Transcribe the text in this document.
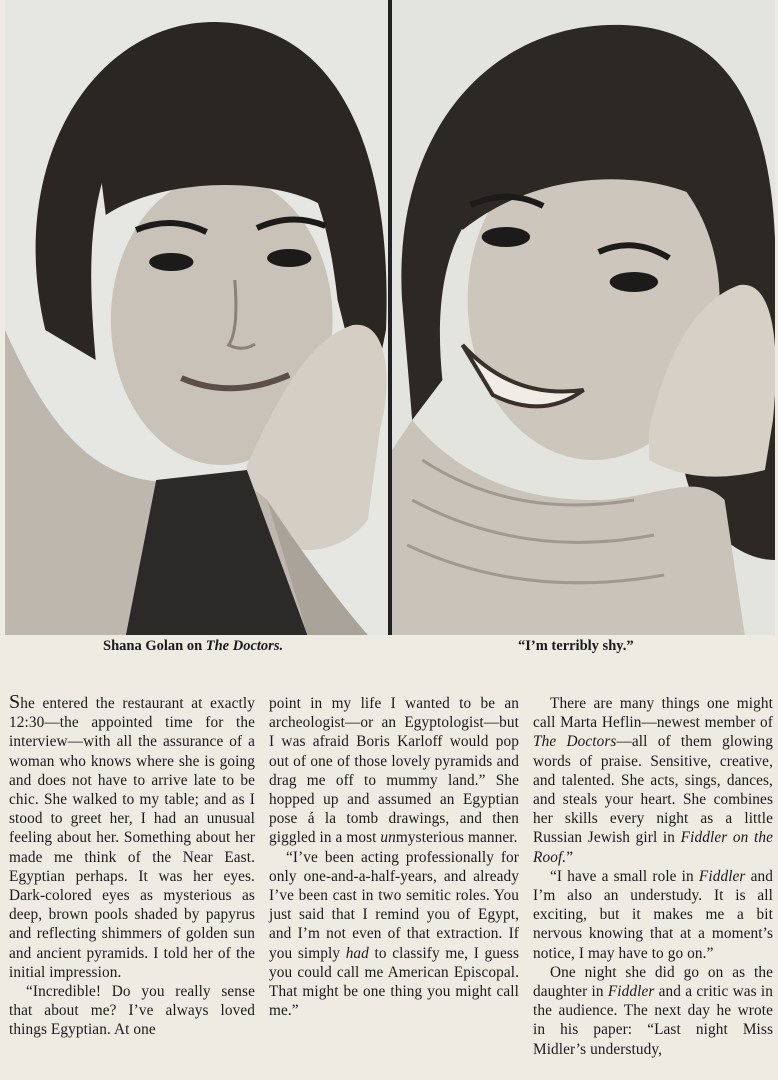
Shana Golan on The Doctors.	“I’m terribly shy.”

She entered the restaurant at exactly 12:30—the appointed time for the interview—with all the assurance of a woman who knows where she is going and does not have to arrive late to be chic. She walked to my table; and as I stood to greet her, I had an unusual feeling about her. Something about her made me think of the Near East. Egyptian perhaps. It was her eyes. Dark-colored eyes as mysterious as deep, brown pools shaded by papyrus and reflecting shimmers of golden sun and ancient pyramids. I told her of the initial impression.

“Incredible! Do you really sense that about me? I’ve always loved things Egyptian. At one

point in my life I wanted to be an archeologist—or an Egyptologist—but I was afraid Boris Karloff would pop out of one of those lovely pyramids and drag me off to mummy land.” She hopped up and assumed an Egyptian pose á la tomb drawings, and then giggled in a most unmysterious manner.

“I’ve been acting professionally for only one-and-a-half-years, and already I’ve been cast in two semitic roles. You just said that I remind you of Egypt, and I’m not even of that extraction. If you simply had to classify me, I guess you could call me American Episcopal. That might be one thing you might call me.”

There are many things one might call Marta Heflin—newest member of The Doctors—all of them glowing words of praise. Sensitive, creative, and talented. She acts, sings, dances, and steals your heart. She combines her skills every night as a little Russian Jewish girl in Fiddler on the Roof.”

“I have a small role in Fiddler and I’m also an understudy. It is all exciting, but it makes me a bit nervous knowing that at a moment’s notice, I may have to go on.”

One night she did go on as the daughter in Fiddler and a critic was in the audience. The next day he wrote in his paper: “Last night Miss Midler’s understudy,
